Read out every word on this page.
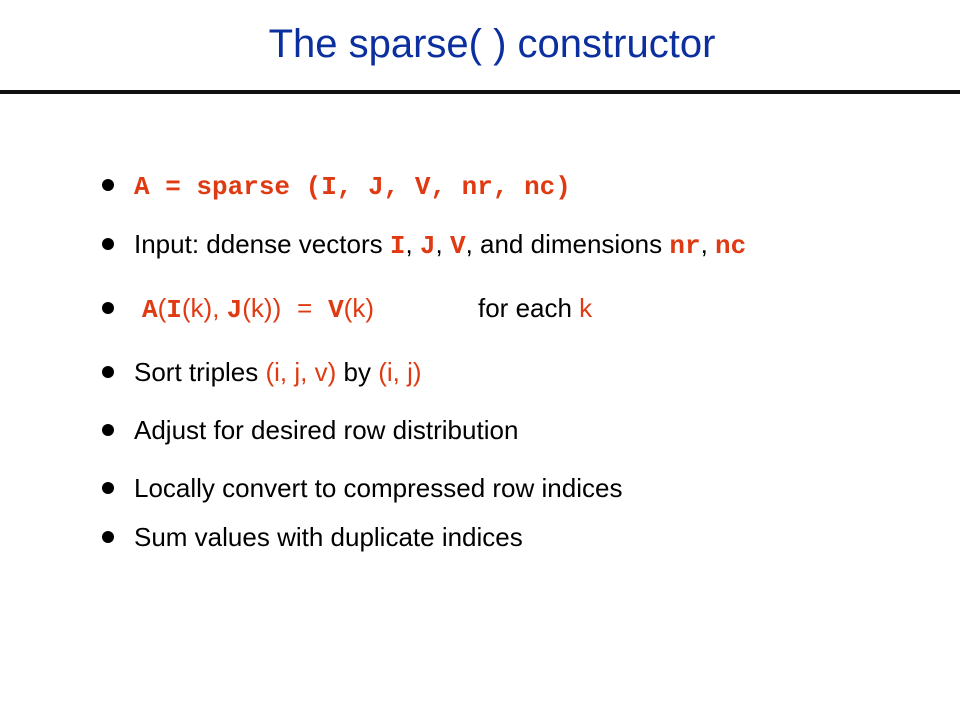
The sparse( ) constructor
A = sparse (I, J, V, nr, nc)
Input: ddense vectors I, J, V, and dimensions nr, nc
A(I(k), J(k)) = V(k)	for each k
Sort triples (i, j, v) by (i, j)
Adjust for desired row distribution
Locally convert to compressed row indices
Sum values with duplicate indices
